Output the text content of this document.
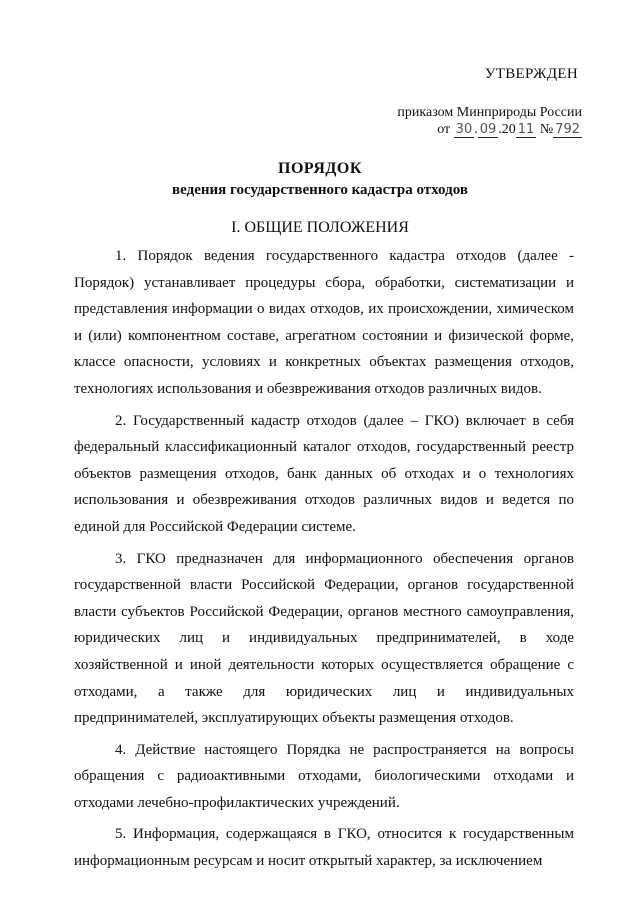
УТВЕРЖДЕН
приказом Минприроды России
от 30 . 09 .20 11 № 792
ПОРЯДОК
ведения государственного кадастра отходов
I. ОБЩИЕ ПОЛОЖЕНИЯ

1. Порядок ведения государственного кадастра отходов (далее - Порядок) устанавливает процедуры сбора, обработки, систематизации и представления информации о видах отходов, их происхождении, химическом и (или) компонентном составе, агрегатном состоянии и физической форме, классе опасности, условиях и конкретных объектах размещения отходов, технологиях использования и обезвреживания отходов различных видов.

2. Государственный кадастр отходов (далее – ГКО) включает в себя федеральный классификационный каталог отходов, государственный реестр объектов размещения отходов, банк данных об отходах и о технологиях использования и обезвреживания отходов различных видов и ведется по единой для Российской Федерации системе.

3. ГКО предназначен для информационного обеспечения органов государственной власти Российской Федерации, органов государственной власти субъектов Российской Федерации, органов местного самоуправления, юридических лиц и индивидуальных предпринимателей, в ходе хозяйственной и иной деятельности которых осуществляется обращение с отходами, а также для юридических лиц и индивидуальных предпринимателей, эксплуатирующих объекты размещения отходов.

4. Действие настоящего Порядка не распространяется на вопросы обращения с радиоактивными отходами, биологическими отходами и отходами лечебно-профилактических учреждений.

5. Информация, содержащаяся в ГКО, относится к государственным информационным ресурсам и носит открытый характер, за исключением
